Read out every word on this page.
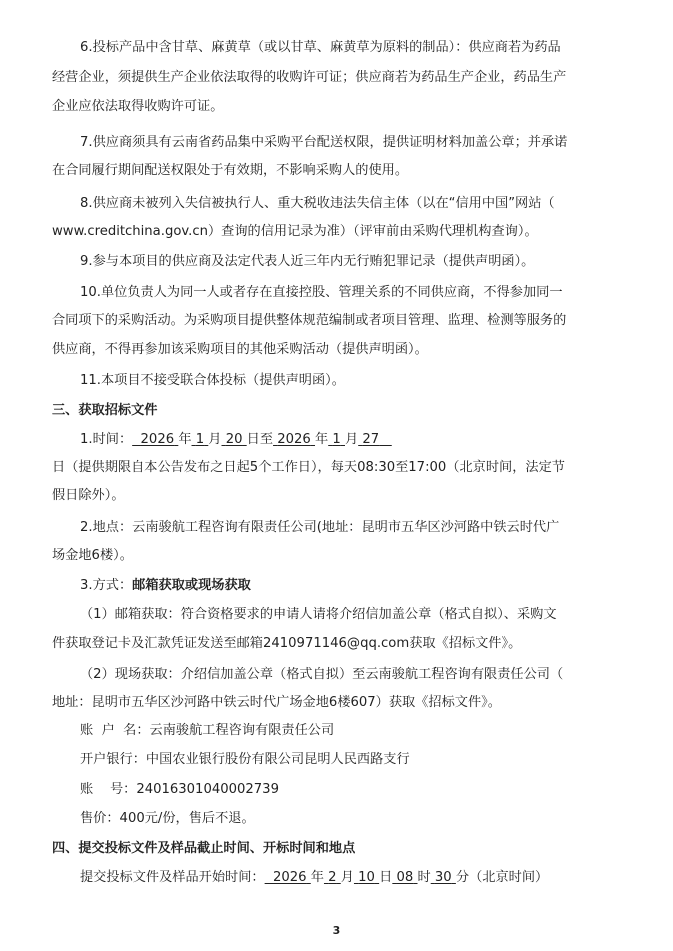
6.投标产品中含甘草、麻黄草（或以甘草、麻黄草为原料的制品）：供应商若为药品
经营企业，须提供生产企业依法取得的收购许可证；供应商若为药品生产企业，药品生产
企业应依法取得收购许可证。
7.供应商须具有云南省药品集中采购平台配送权限，提供证明材料加盖公章；并承诺
在合同履行期间配送权限处于有效期，不影响采购人的使用。
8.供应商未被列入失信被执行人、重大税收违法失信主体（以在“信用中国”网站（
www.creditchina.gov.cn）查询的信用记录为准）（评审前由采购代理机构查询）。
9.参与本项目的供应商及法定代表人近三年内无行贿犯罪记录（提供声明函）。
10.单位负责人为同一人或者存在直接控股、管理关系的不同供应商，不得参加同一
合同项下的采购活动。为采购项目提供整体规范编制或者项目管理、监理、检测等服务的
供应商，不得再参加该采购项目的其他采购活动（提供声明函）。
11.本项目不接受联合体投标（提供声明函）。
三、获取招标文件
1.时间： 2026 年 1 月 20 日至 2026 年 1 月 27
日（提供期限自本公告发布之日起5个工作日），每天08:30至17:00（北京时间，法定节
假日除外）。
2.地点：云南骏航工程咨询有限责任公司(地址：昆明市五华区沙河路中铁云时代广
场金地6楼）。
3.方式：邮箱获取或现场获取
（1）邮箱获取：符合资格要求的申请人请将介绍信加盖公章（格式自拟）、采购文
件获取登记卡及汇款凭证发送至邮箱2410971146@qq.com获取《招标文件》。
（2）现场获取：介绍信加盖公章（格式自拟）至云南骏航工程咨询有限责任公司（
地址：昆明市五华区沙河路中铁云时代广场金地6楼607）获取《招标文件》。
账  户  名：云南骏航工程咨询有限责任公司
开户银行：中国农业银行股份有限公司昆明人民西路支行
账    号：24016301040002739
售价：400元/份，售后不退。
四、提交投标文件及样品截止时间、开标时间和地点
提交投标文件及样品开始时间： 2026 年 2 月 10 日 08 时 30 分（北京时间）
3
